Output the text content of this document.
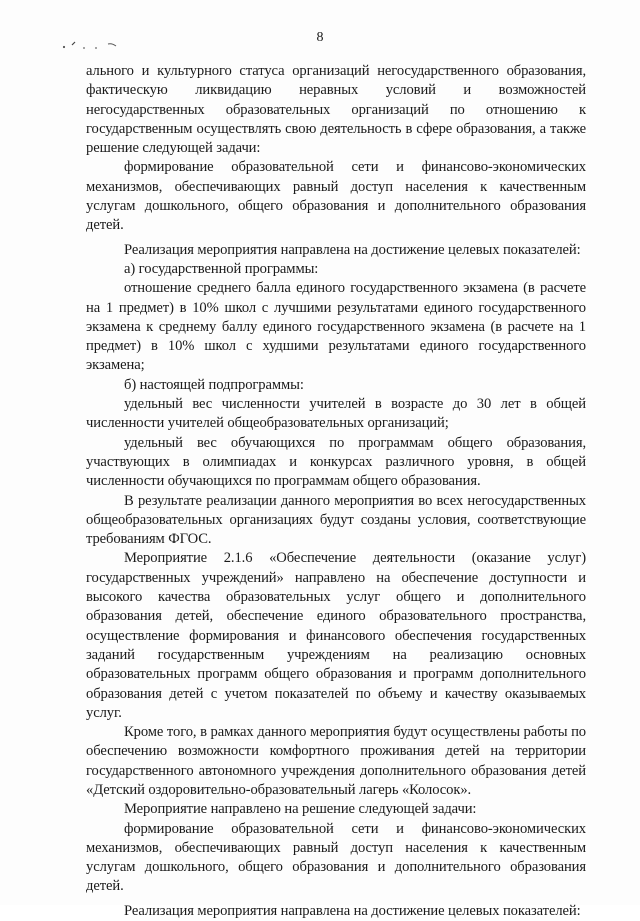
8

ального и культурного статуса организаций негосударственного образования, фактическую ликвидацию неравных условий и возможностей негосударственных образовательных организаций по отношению к государственным осуществлять свою деятельность в сфере образования, а также решение следующей задачи:

формирование образовательной сети и финансово-экономических механизмов, обеспечивающих равный доступ населения к качественным услугам дошкольного, общего образования и дополнительного образования детей.

Реализация мероприятия направлена на достижение целевых показателей:

а) государственной программы:

отношение среднего балла единого государственного экзамена (в расчете на 1 предмет) в 10% школ с лучшими результатами единого государственного экзамена к среднему баллу единого государственного экзамена (в расчете на 1 предмет) в 10% школ с худшими результатами единого государственного экзамена;

б) настоящей подпрограммы:

удельный вес численности учителей в возрасте до 30 лет в общей численности учителей общеобразовательных организаций;

удельный вес обучающихся по программам общего образования, участвующих в олимпиадах и конкурсах различного уровня, в общей численности обучающихся по программам общего образования.

В результате реализации данного мероприятия во всех негосударственных общеобразовательных организациях будут созданы условия, соответствующие требованиям ФГОС.

Мероприятие 2.1.6 «Обеспечение деятельности (оказание услуг) государственных учреждений» направлено на обеспечение доступности и высокого качества образовательных услуг общего и дополнительного образования детей, обеспечение единого образовательного пространства, осуществление формирования и финансового обеспечения государственных заданий государственным учреждениям на реализацию основных образовательных программ общего образования и программ дополнительного образования детей с учетом показателей по объему и качеству оказываемых услуг.

Кроме того, в рамках данного мероприятия будут осуществлены работы по обеспечению возможности комфортного проживания детей на территории государственного автономного учреждения дополнительного образования детей «Детский оздоровительно-образовательный лагерь «Колосок».

Мероприятие направлено на решение следующей задачи:

формирование образовательной сети и финансово-экономических механизмов, обеспечивающих равный доступ населения к качественным услугам дошкольного, общего образования и дополнительного образования детей.

Реализация мероприятия направлена на достижение целевых показателей:
